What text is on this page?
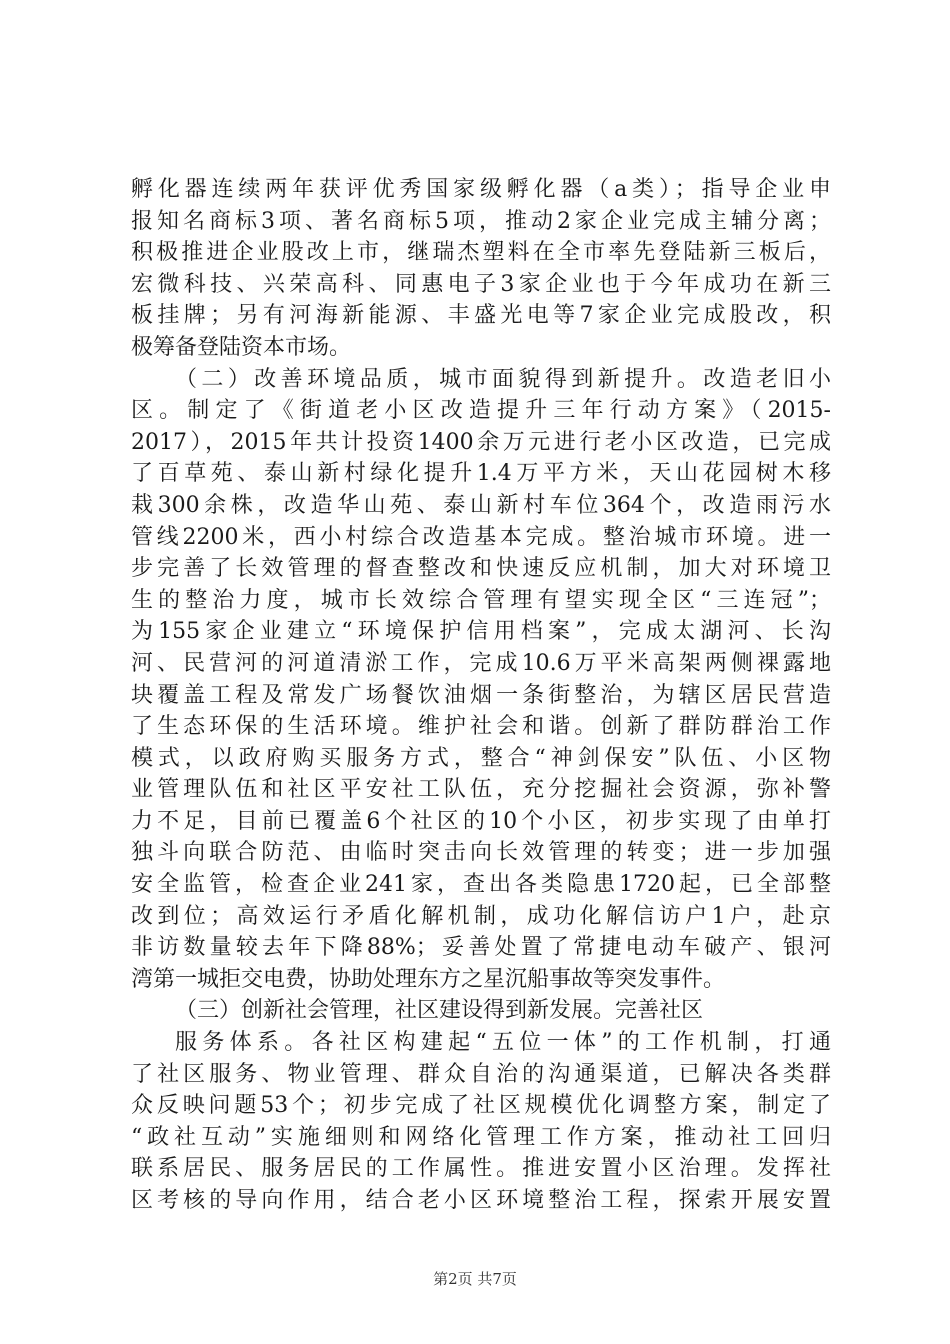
孵化器连续两年获评优秀国家级孵化器（a类）；指导企业申
报知名商标3项、著名商标5项，推动2家企业完成主辅分离；
积极推进企业股改上市，继瑞杰塑料在全市率先登陆新三板后，
宏微科技、兴荣高科、同惠电子3家企业也于今年成功在新三
板挂牌；另有河海新能源、丰盛光电等7家企业完成股改，积
极筹备登陆资本市场。
（二）改善环境品质，城市面貌得到新提升。改造老旧小
区。制定了《街道老小区改造提升三年行动方案》（2015-
2017），2015年共计投资1400余万元进行老小区改造，已完成
了百草苑、泰山新村绿化提升1.4万平方米，天山花园树木移
栽300余株，改造华山苑、泰山新村车位364个，改造雨污水
管线2200米，西小村综合改造基本完成。整治城市环境。进一
步完善了长效管理的督查整改和快速反应机制，加大对环境卫
生的整治力度，城市长效综合管理有望实现全区“三连冠”；
为155家企业建立“环境保护信用档案”，完成太湖河、长沟
河、民营河的河道清淤工作，完成10.6万平米高架两侧裸露地
块覆盖工程及常发广场餐饮油烟一条街整治，为辖区居民营造
了生态环保的生活环境。维护社会和谐。创新了群防群治工作
模式，以政府购买服务方式，整合“神剑保安”队伍、小区物
业管理队伍和社区平安社工队伍，充分挖掘社会资源，弥补警
力不足，目前已覆盖6个社区的10个小区，初步实现了由单打
独斗向联合防范、由临时突击向长效管理的转变；进一步加强
安全监管，检查企业241家，查出各类隐患1720起，已全部整
改到位；高效运行矛盾化解机制，成功化解信访户1户，赴京
非访数量较去年下降88%；妥善处置了常捷电动车破产、银河
湾第一城拒交电费，协助处理东方之星沉船事故等突发事件。
（三）创新社会管理，社区建设得到新发展。完善社区
服务体系。各社区构建起“五位一体”的工作机制，打通
了社区服务、物业管理、群众自治的沟通渠道，已解决各类群
众反映问题53个；初步完成了社区规模优化调整方案，制定了
“政社互动”实施细则和网络化管理工作方案，推动社工回归
联系居民、服务居民的工作属性。推进安置小区治理。发挥社
区考核的导向作用，结合老小区环境整治工程，探索开展安置
第2页 共7页
